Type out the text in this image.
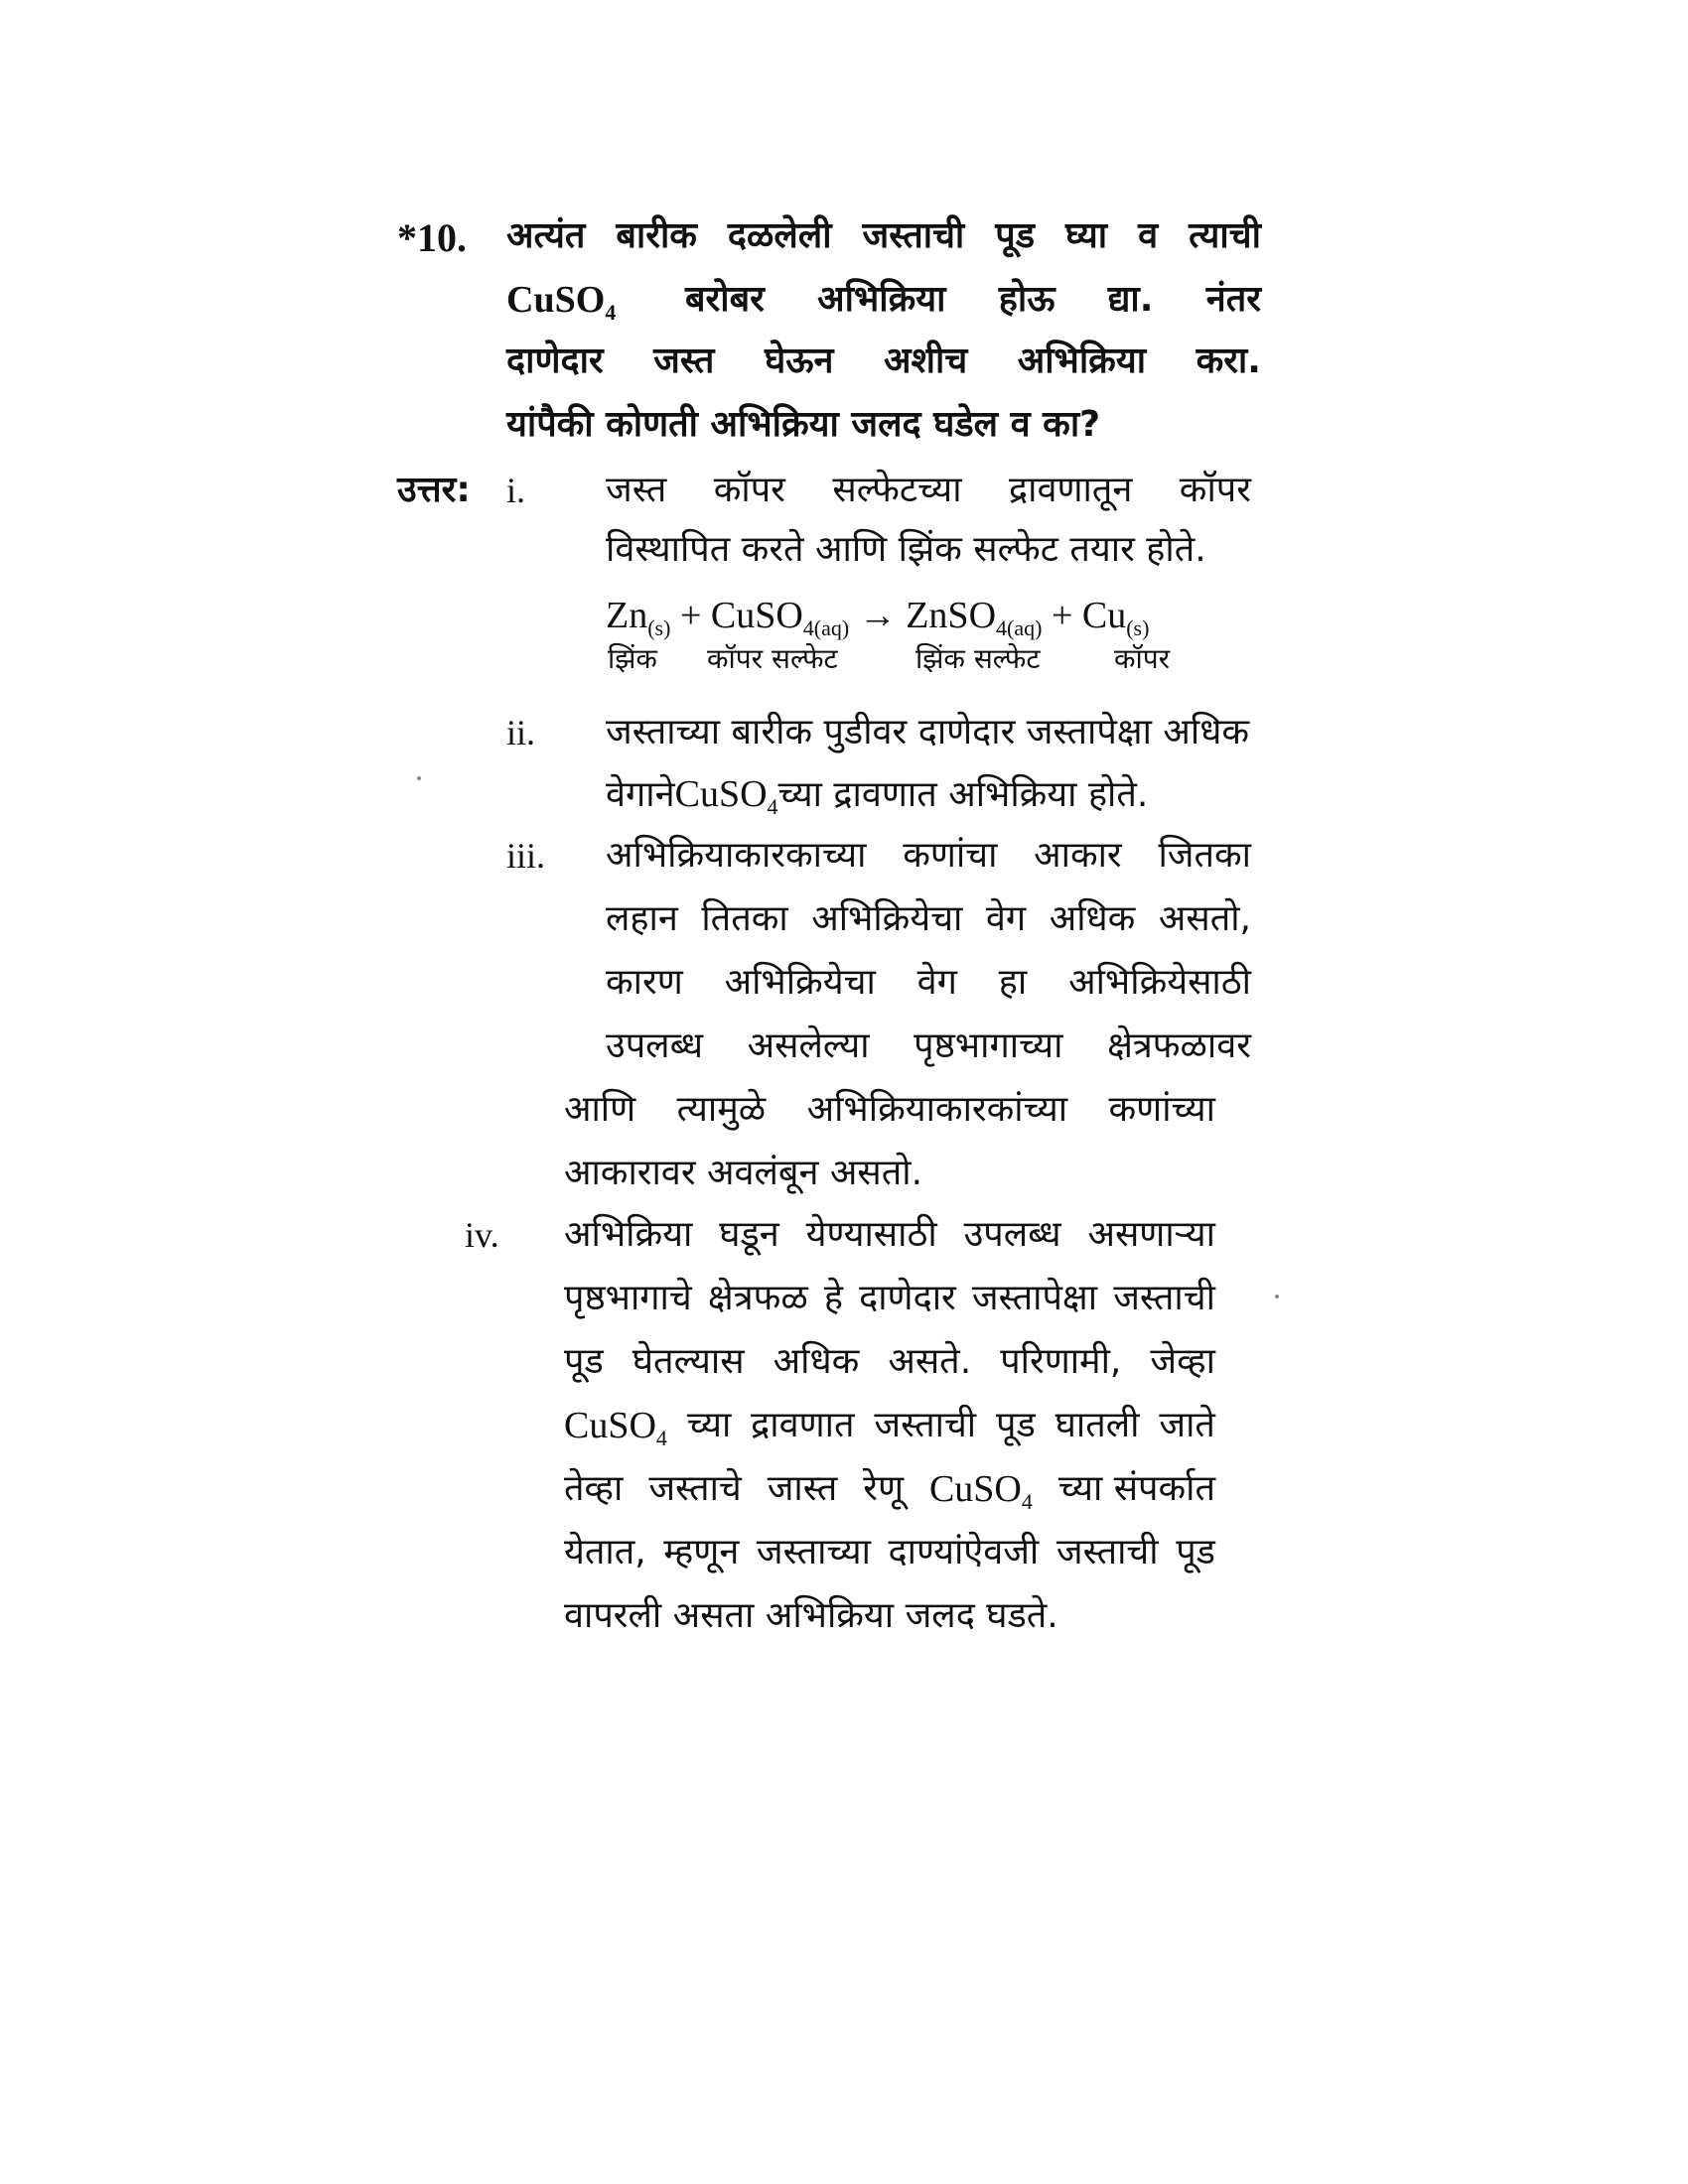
*10. अत्यंत बारीक दळलेली जस्ताची पूड घ्या व त्याची
CuSO$_4$ बरोबर अभिक्रिया होऊ द्या. नंतर
दाणेदार जस्त घेऊन अशीच अभिक्रिया करा.
यांपैकी कोणती अभिक्रिया जलद घडेल व का?
उत्तर: i. जस्त कॉपर सल्फेटच्या द्रावणातून कॉपर
विस्थापित करते आणि झिंक सल्फेट तयार होते.
$Zn_{(s)}$ + CuSO$_{4(aq)}$ → ZnSO$_{4(aq)}$ + $Cu_{(s)}$
झिंक कॉपर सल्फेट	झिंक सल्फेट	कॉपर
ii. जस्ताच्या बारीक पुडीवर दाणेदार जस्तापेक्षा अधिक
वेगानेCuSO$_4$च्या द्रावणात अभिक्रिया होते.
iii. अभिक्रियाकारकाच्या कणांचा आकार जितका
लहान तितका अभिक्रियेचा वेग अधिक असतो,
कारण अभिक्रियेचा वेग हा अभिक्रियेसाठी
उपलब्ध असलेल्या पृष्ठभागाच्या क्षेत्रफळावर
आणि त्यामुळे अभिक्रियाकारकांच्या कणांच्या
आकारावर अवलंबून असतो.
iv. अभिक्रिया घडून येण्यासाठी उपलब्ध असणाऱ्या
पृष्ठभागाचे क्षेत्रफळ हे दाणेदार जस्तापेक्षा जस्ताची
पूड घेतल्यास अधिक असते. परिणामी, जेव्हा
CuSO4 च्या द्रावणात जस्ताची पूड घातली जाते
तेव्हा जस्ताचे जास्त रेणू CuSO4 च्या संपर्कात
येतात, म्हणून जस्ताच्या दाण्यांऐवजी जस्ताची पूड
वापरली असता अभिक्रिया जलद घडते.
